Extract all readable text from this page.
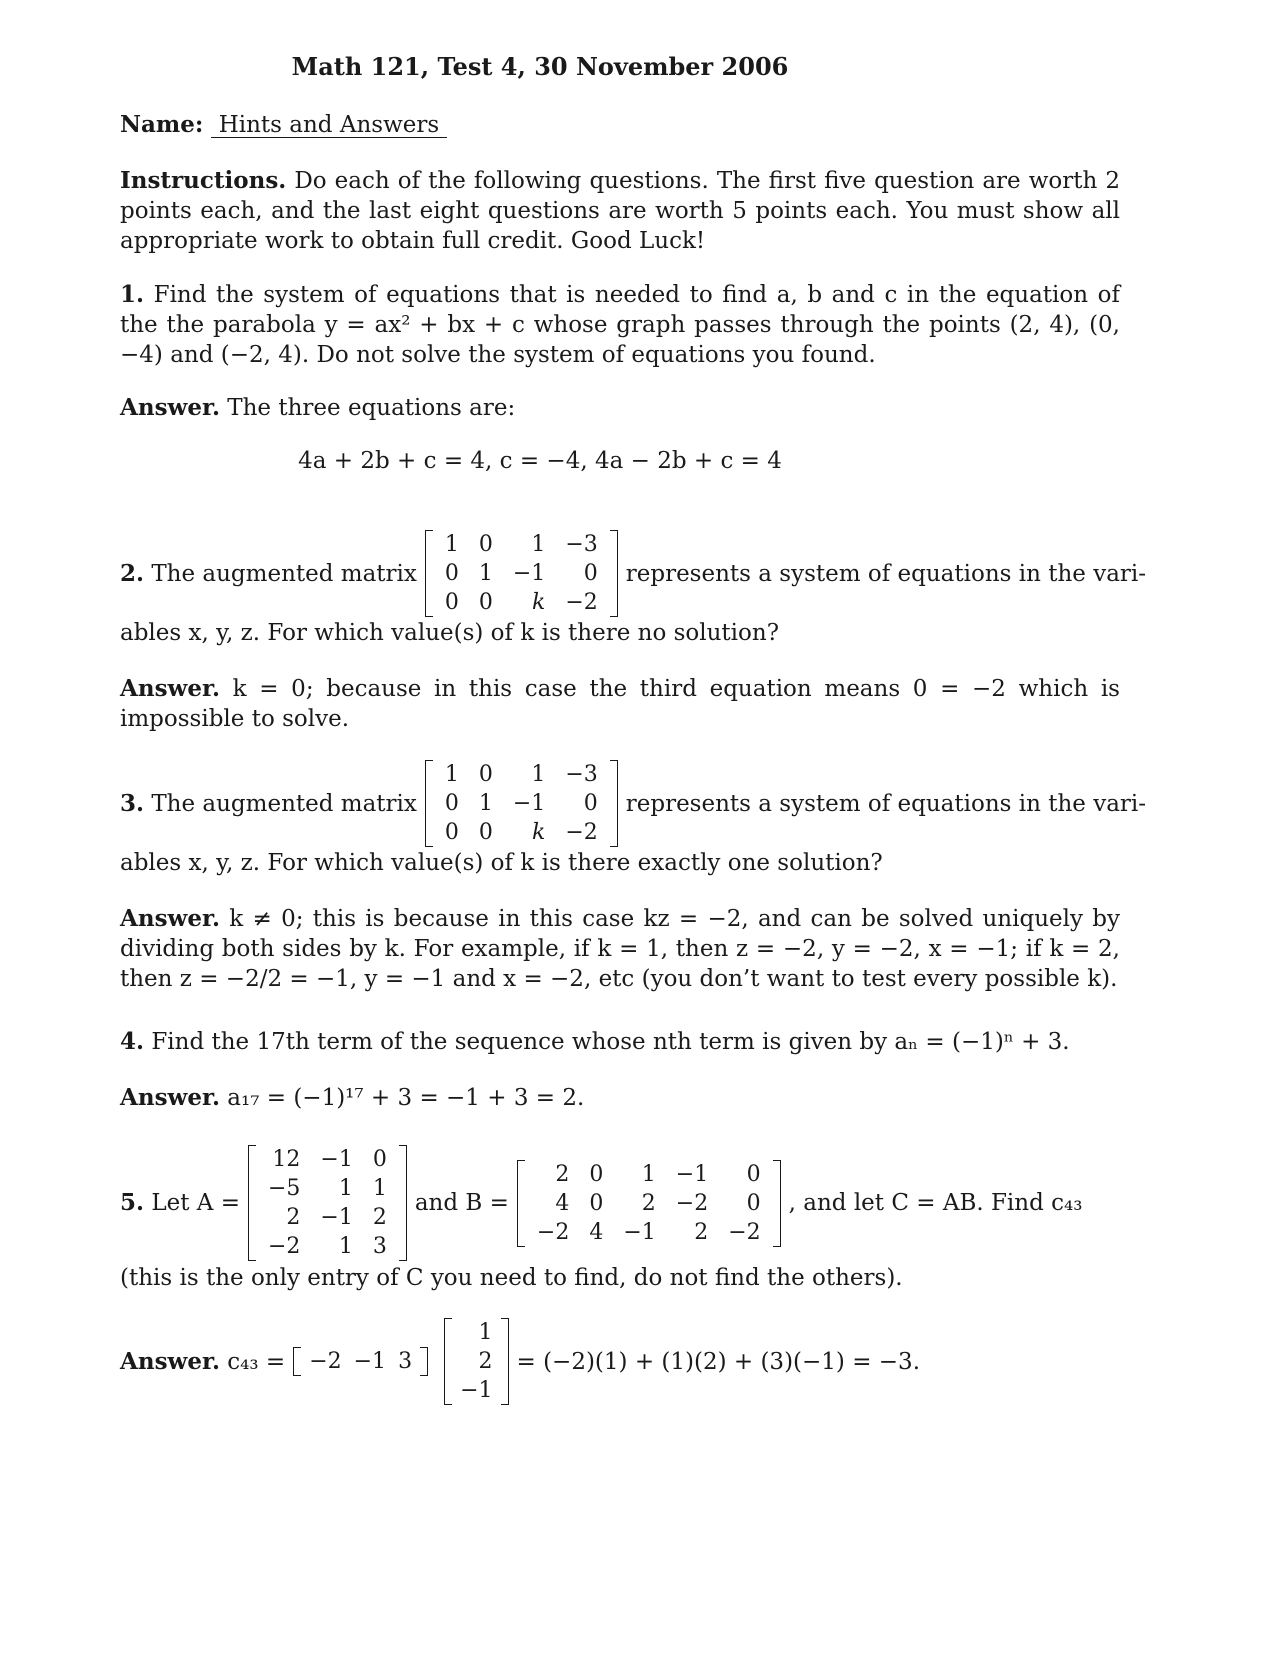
Math 121, Test 4, 30 November 2006
Name: Hints and Answers
Instructions. Do each of the following questions. The first five question are worth 2 points each, and the last eight questions are worth 5 points each. You must show all appropriate work to obtain full credit. Good Luck!
1. Find the system of equations that is needed to find a, b and c in the equation of the the parabola y = ax² + bx + c whose graph passes through the points (2, 4), (0, −4) and (−2, 4). Do not solve the system of equations you found.
Answer. The three equations are:
4a + 2b + c = 4, c = −4, 4a − 2b + c = 4
2.
The augmented matrix
1	0	1	−3
0	1	−1	0
0	0	k	−2
represents a system of equations in the vari-
ables x, y, z. For which value(s) of k is there no solution?
Answer. k = 0; because in this case the third equation means 0 = −2 which is impossible to solve.
3.
The augmented matrix
1	0	1	−3
0	1	−1	0
0	0	k	−2
represents a system of equations in the vari-
ables x, y, z. For which value(s) of k is there exactly one solution?
Answer. k ≠ 0; this is because in this case kz = −2, and can be solved uniquely by dividing both sides by k. For example, if k = 1, then z = −2, y = −2, x = −1; if k = 2, then z = −2/2 = −1, y = −1 and x = −2, etc (you don’t want to test every possible k).
4. Find the 17th term of the sequence whose nth term is given by aₙ = (−1)ⁿ + 3.
Answer. a₁₇ = (−1)¹⁷ + 3 = −1 + 3 = 2.
5.
Let A =
12	−1	0
−5	1	1
2	−1	2
−2	1	3
and B =
2	0	1	−1	0
4	0	2	−2	0
−2	4	−1	2	−2
, and let C = AB. Find c₄₃
(this is the only entry of C you need to find, do not find the others).
Answer.
c₄₃ = −2	−1	3
1
2
−1
= (−2)(1) + (1)(2) + (3)(−1) = −3.
